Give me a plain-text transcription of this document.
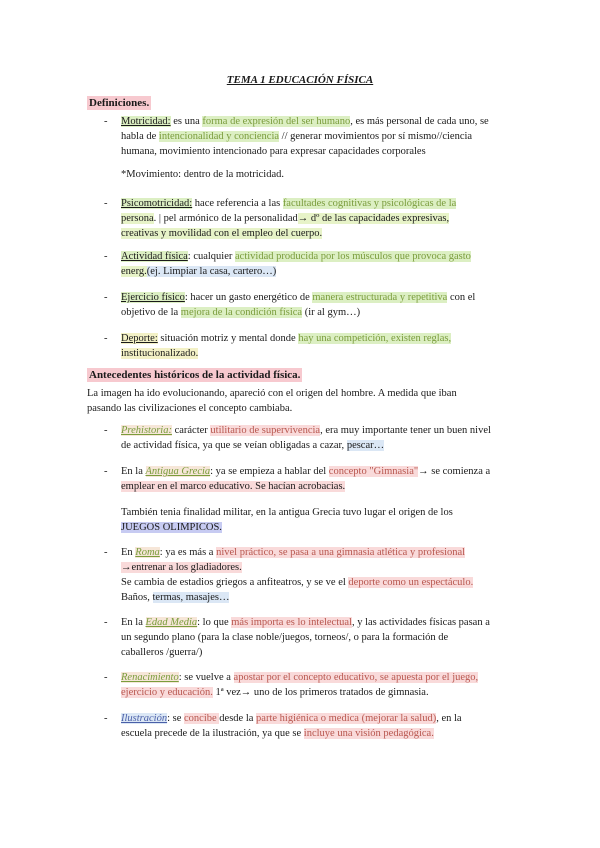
TEMA 1 EDUCACIÓN FÍSICA
Definiciones.
- Motricidad: es una forma de expresión del ser humano, es más personal de cada uno, se
habla de intencionalidad y conciencia // generar movimientos por sí mismo//ciencia
humana, movimiento intencionado para expresar capacidades corporales
*Movimiento: dentro de la motricidad.
- Psicomotricidad: hace referencia a las facultades cognitivas y psicológicas de la
persona. | pel armónico de la personalidad→ dº de las capacidades expresivas,
creativas y movilidad con el empleo del cuerpo.
- Actividad física: cualquier actividad producida por los músculos que provoca gasto
energ.(ej. Limpiar la casa, cartero…)
- Ejercicio físico: hacer un gasto energético de manera estructurada y repetitiva con el
objetivo de la mejora de la condición física (ir al gym…)
- Deporte: situación motriz y mental donde hay una competición, existen reglas,
institucionalizado.
Antecedentes históricos de la actividad física.
La imagen ha ido evolucionando, apareció con el origen del hombre. A medida que iban
pasando las civilizaciones el concepto cambiaba.
- Prehistoria: carácter utilitario de supervivencia, era muy importante tener un buen nivel
de actividad física, ya que se veían obligadas a cazar, pescar…
- En la Antigua Grecia: ya se empieza a hablar del concepto "Gimnasia"→ se comienza a
emplear en el marco educativo. Se hacían acrobacias.
También tenia finalidad militar, en la antigua Grecia tuvo lugar el origen de los
JUEGOS OLIMPICOS.
- En Roma: ya es más a nivel práctico, se pasa a una gimnasia atlética y profesional
→entrenar a los gladiadores.
Se cambia de estadios griegos a anfiteatros, y se ve el deporte como un espectáculo.
Baños, termas, masajes…
- En la Edad Media: lo que más importa es lo intelectual, y las actividades físicas pasan a
un segundo plano (para la clase noble/juegos, torneos/, o para la formación de
caballeros /guerra/)
- Renacimiento: se vuelve a apostar por el concepto educativo, se apuesta por el juego,
ejercicio y educación. 1ª vez→ uno de los primeros tratados de gimnasia.
- Ilustración: se concibe desde la parte higiénica o medica (mejorar la salud), en la
escuela precede de la ilustración, ya que se incluye una visión pedagógica.
